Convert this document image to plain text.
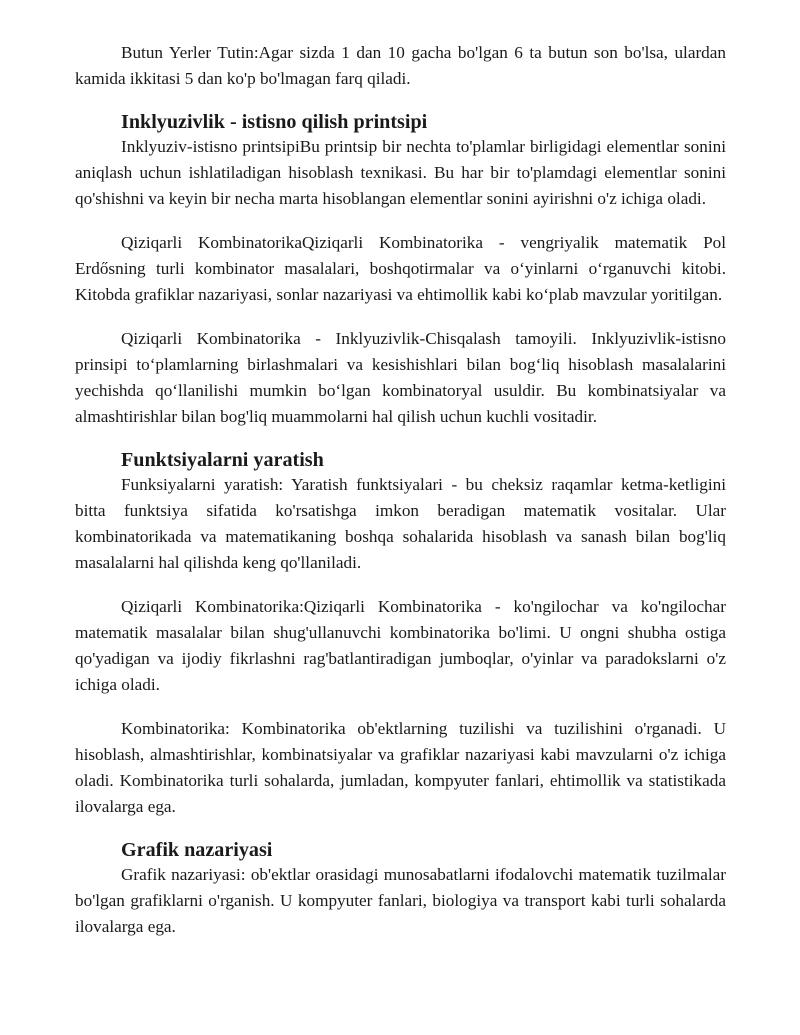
Butun Yerler Tutin:Agar sizda 1 dan 10 gacha bo'lgan 6 ta butun son bo'lsa, ulardan kamida ikkitasi 5 dan ko'p bo'lmagan farq qiladi.

Inklyuzivlik - istisno qilish printsipi

Inklyuziv-istisno printsipiBu printsip bir nechta to'plamlar birligidagi elementlar sonini aniqlash uchun ishlatiladigan hisoblash texnikasi. Bu har bir to'plamdagi elementlar sonini qo'shishni va keyin bir necha marta hisoblangan elementlar sonini ayirishni o'z ichiga oladi.

Qiziqarli KombinatorikaQiziqarli Kombinatorika - vengriyalik matematik Pol Erdősning turli kombinator masalalari, boshqotirmalar va o‘yinlarni o‘rganuvchi kitobi. Kitobda grafiklar nazariyasi, sonlar nazariyasi va ehtimollik kabi ko‘plab mavzular yoritilgan.

Qiziqarli Kombinatorika - Inklyuzivlik-Chisqalash tamoyili. Inklyuzivlik-istisno prinsipi to‘plamlarning birlashmalari va kesishishlari bilan bog‘liq hisoblash masalalarini yechishda qo‘llanilishi mumkin bo‘lgan kombinatoryal usuldir. Bu kombinatsiyalar va almashtirishlar bilan bog'liq muammolarni hal qilish uchun kuchli vositadir.

Funktsiyalarni yaratish

Funksiyalarni yaratish: Yaratish funktsiyalari - bu cheksiz raqamlar ketma-ketligini bitta funktsiya sifatida ko'rsatishga imkon beradigan matematik vositalar. Ular kombinatorikada va matematikaning boshqa sohalarida hisoblash va sanash bilan bog'liq masalalarni hal qilishda keng qo'llaniladi.

Qiziqarli Kombinatorika:Qiziqarli Kombinatorika - ko'ngilochar va ko'ngilochar matematik masalalar bilan shug'ullanuvchi kombinatorika bo'limi. U ongni shubha ostiga qo'yadigan va ijodiy fikrlashni rag'batlantiradigan jumboqlar, o'yinlar va paradokslarni o'z ichiga oladi.

Kombinatorika: Kombinatorika ob'ektlarning tuzilishi va tuzilishini o'rganadi. U hisoblash, almashtirishlar, kombinatsiyalar va grafiklar nazariyasi kabi mavzularni o'z ichiga oladi. Kombinatorika turli sohalarda, jumladan, kompyuter fanlari, ehtimollik va statistikada ilovalarga ega.

Grafik nazariyasi

Grafik nazariyasi: ob'ektlar orasidagi munosabatlarni ifodalovchi matematik tuzilmalar bo'lgan grafiklarni o'rganish. U kompyuter fanlari, biologiya va transport kabi turli sohalarda ilovalarga ega.
